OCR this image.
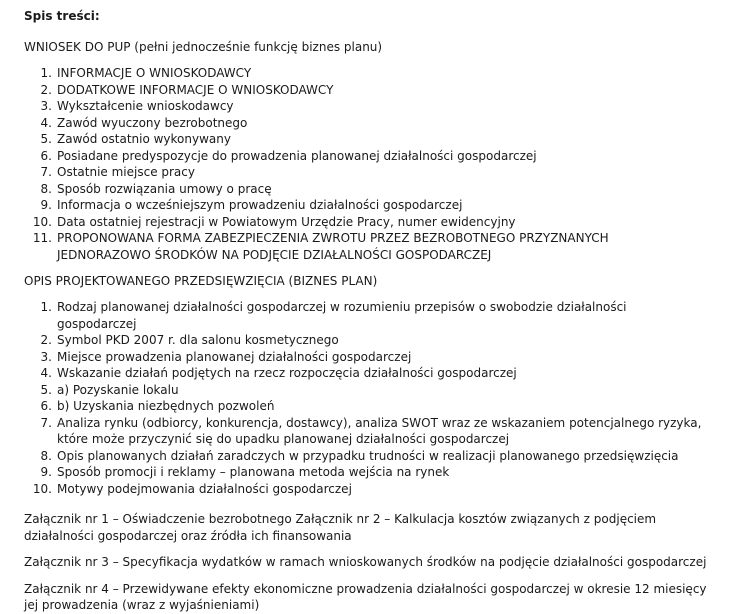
Spis treści:
WNIOSEK DO PUP (pełni jednocześnie funkcję biznes planu)
INFORMACJE O WNIOSKODAWCY
DODATKOWE INFORMACJE O WNIOSKODAWCY
Wykształcenie wnioskodawcy
Zawód wyuczony bezrobotnego
Zawód ostatnio wykonywany
Posiadane predyspozycje do prowadzenia planowanej działalności gospodarczej
Ostatnie miejsce pracy
Sposób rozwiązania umowy o pracę
Informacja o wcześniejszym prowadzeniu działalności gospodarczej
Data ostatniej rejestracji w Powiatowym Urzędzie Pracy, numer ewidencyjny
PROPONOWANA FORMA ZABEZPIECZENIA ZWROTU PRZEZ BEZROBOTNEGO PRZYZNANYCH JEDNORAZOWO ŚRODKÓW NA PODJĘCIE DZIAŁALNOŚCI GOSPODARCZEJ
OPIS PROJEKTOWANEGO PRZEDSIĘWZIĘCIA (BIZNES PLAN)
Rodzaj planowanej działalności gospodarczej w rozumieniu przepisów o swobodzie działalności gospodarczej
Symbol PKD 2007 r. dla salonu kosmetycznego
Miejsce prowadzenia planowanej działalności gospodarczej
Wskazanie działań podjętych na rzecz rozpoczęcia działalności gospodarczej
a) Pozyskanie lokalu
b) Uzyskania niezbędnych pozwoleń
Analiza rynku (odbiorcy, konkurencja, dostawcy), analiza SWOT wraz ze wskazaniem potencjalnego ryzyka, które może przyczynić się do upadku planowanej działalności gospodarczej
Opis planowanych działań zaradczych w przypadku trudności w realizacji planowanego przedsięwzięcia
Sposób promocji i reklamy – planowana metoda wejścia na rynek
Motywy podejmowania działalności gospodarczej
Załącznik nr 1 – Oświadczenie bezrobotnego Załącznik nr 2 – Kalkulacja kosztów związanych z podjęciem działalności gospodarczej oraz źródła ich finansowania
Załącznik nr 3 – Specyfikacja wydatków w ramach wnioskowanych środków na podjęcie działalności gospodarczej
Załącznik nr 4 – Przewidywane efekty ekonomiczne prowadzenia działalności gospodarczej w okresie 12 miesięcy jej prowadzenia (wraz z wyjaśnieniami)
